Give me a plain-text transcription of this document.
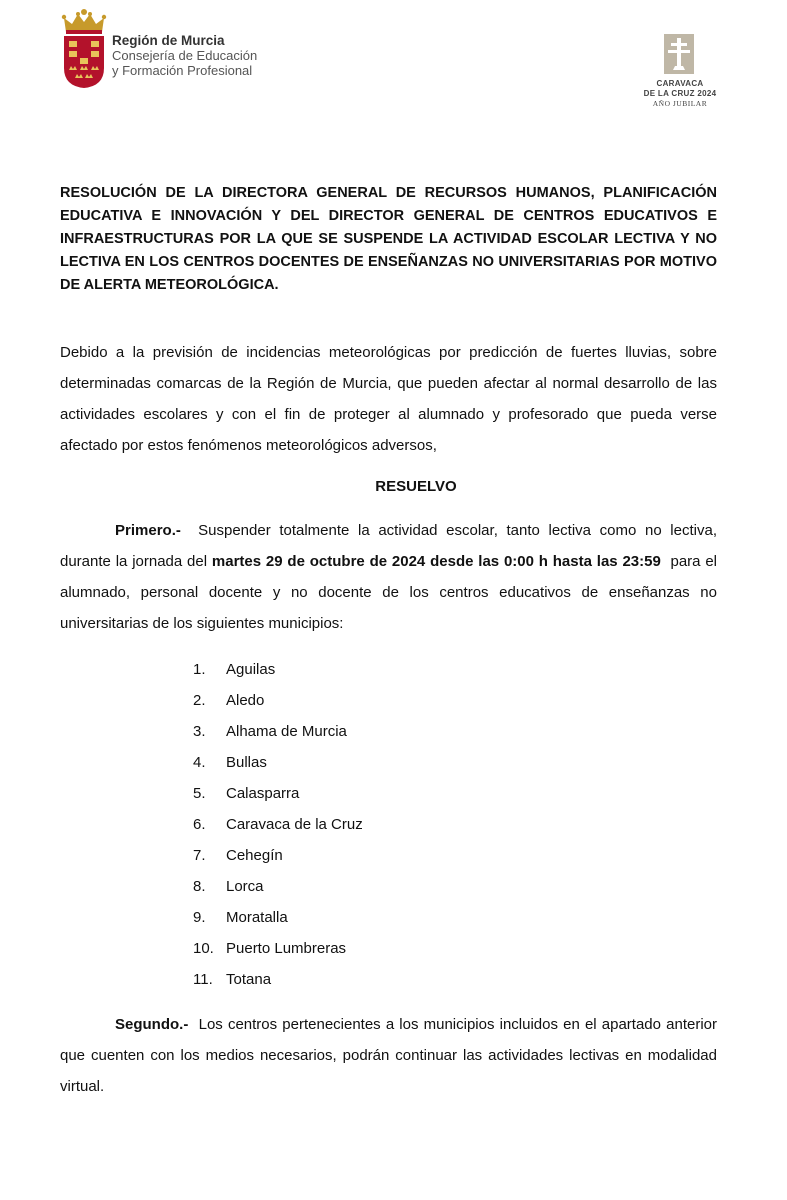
Región de Murcia
Consejería de Educación
y Formación Profesional
CARAVACA
DE LA CRUZ 2024
AÑO JUBILAR
RESOLUCIÓN DE LA DIRECTORA GENERAL DE RECURSOS HUMANOS, PLANIFICACIÓN EDUCATIVA E INNOVACIÓN Y DEL DIRECTOR GENERAL DE CENTROS EDUCATIVOS E INFRAESTRUCTURAS POR LA QUE SE SUSPENDE LA ACTIVIDAD ESCOLAR LECTIVA Y NO LECTIVA EN LOS CENTROS DOCENTES DE ENSEÑANZAS NO UNIVERSITARIAS POR MOTIVO DE ALERTA METEOROLÓGICA.
Debido a la previsión de incidencias meteorológicas por predicción de fuertes lluvias, sobre determinadas comarcas de la Región de Murcia, que pueden afectar al normal desarrollo de las actividades escolares y con el fin de proteger al alumnado y profesorado que pueda verse afectado por estos fenómenos meteorológicos adversos,
RESUELVO
Primero.- Suspender totalmente la actividad escolar, tanto lectiva como no lectiva, durante la jornada del martes 29 de octubre de 2024 desde las 0:00 h hasta las 23:59 para el alumnado, personal docente y no docente de los centros educativos de enseñanzas no universitarias de los siguientes municipios:
1.	Aguilas
2.	Aledo
3.	Alhama de Murcia
4.	Bullas
5.	Calasparra
6.	Caravaca de la Cruz
7.	Cehegín
8.	Lorca
9.	Moratalla
10. Puerto Lumbreras
11. Totana
Segundo.- Los centros pertenecientes a los municipios incluidos en el apartado anterior que cuenten con los medios necesarios, podrán continuar las actividades lectivas en modalidad virtual.
